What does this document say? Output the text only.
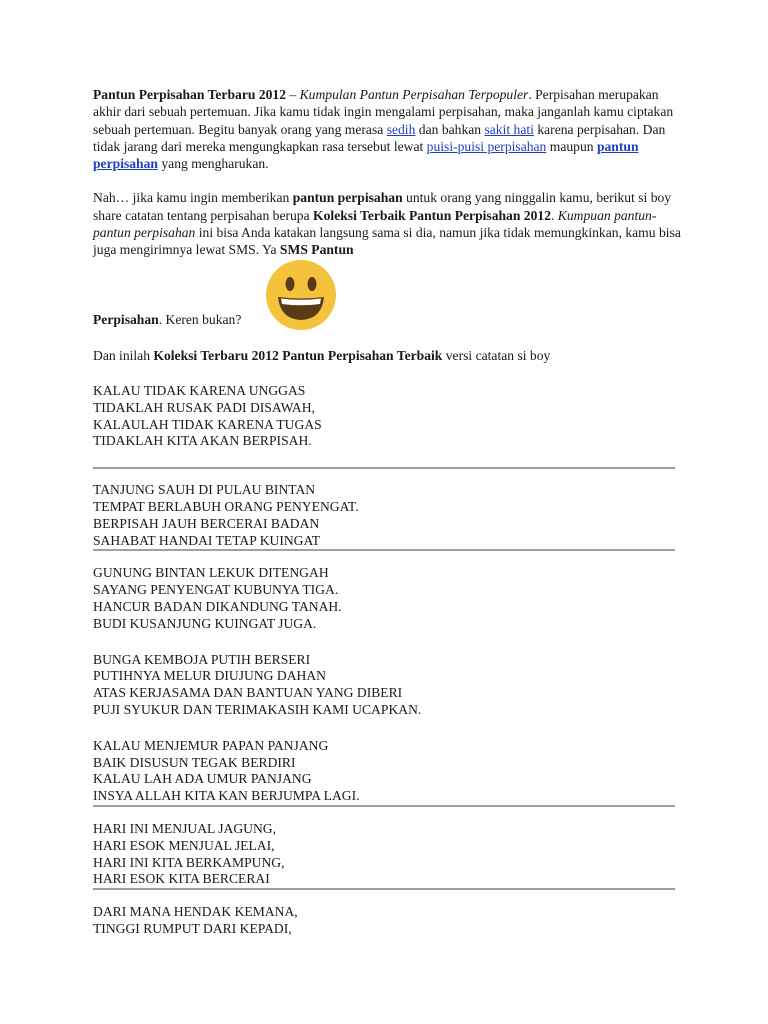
Pantun Perpisahan Terbaru 2012 – Kumpulan Pantun Perpisahan Terpopuler. Perpisahan merupakan akhir dari sebuah pertemuan. Jika kamu tidak ingin mengalami perpisahan, maka janganlah kamu ciptakan sebuah pertemuan. Begitu banyak orang yang merasa sedih dan bahkan sakit hati karena perpisahan. Dan tidak jarang dari mereka mengungkapkan rasa tersebut lewat puisi-puisi perpisahan maupun pantun perpisahan yang mengharukan.

Nah… jika kamu ingin memberikan pantun perpisahan untuk orang yang ninggalin kamu, berikut si boy share catatan tentang perpisahan berupa Koleksi Terbaik Pantun Perpisahan 2012. Kumpuan pantun-pantun perpisahan ini bisa Anda katakan langsung sama si dia, namun jika tidak memungkinkan, kamu bisa juga mengirimnya lewat SMS. Ya SMS Pantun

Perpisahan. Keren bukan?

Dan inilah Koleksi Terbaru 2012 Pantun Perpisahan Terbaik versi catatan si boy

KALAU TIDAK KARENA UNGGAS
TIDAKLAH RUSAK PADI DISAWAH,
KALAULAH TIDAK KARENA TUGAS
TIDAKLAH KITA AKAN BERPISAH.
TANJUNG SAUH DI PULAU BINTAN
TEMPAT BERLABUH ORANG PENYENGAT.
BERPISAH JAUH BERCERAI BADAN
SAHABAT HANDAI TETAP KUINGAT
GUNUNG BINTAN LEKUK DITENGAH
SAYANG PENYENGAT KUBUNYA TIGA.
HANCUR BADAN DIKANDUNG TANAH.
BUDI KUSANJUNG KUINGAT JUGA.
BUNGA KEMBOJA PUTIH BERSERI
PUTIHNYA MELUR DIUJUNG DAHAN
ATAS KERJASAMA DAN BANTUAN YANG DIBERI
PUJI SYUKUR DAN TERIMAKASIH KAMI UCAPKAN.
KALAU MENJEMUR PAPAN PANJANG
BAIK DISUSUN TEGAK BERDIRI
KALAU LAH ADA UMUR PANJANG
INSYA ALLAH KITA KAN BERJUMPA LAGI.
HARI INI MENJUAL JAGUNG,
HARI ESOK MENJUAL JELAI,
HARI INI KITA BERKAMPUNG,
HARI ESOK KITA BERCERAI
DARI MANA HENDAK KEMANA,
TINGGI RUMPUT DARI KEPADI,
